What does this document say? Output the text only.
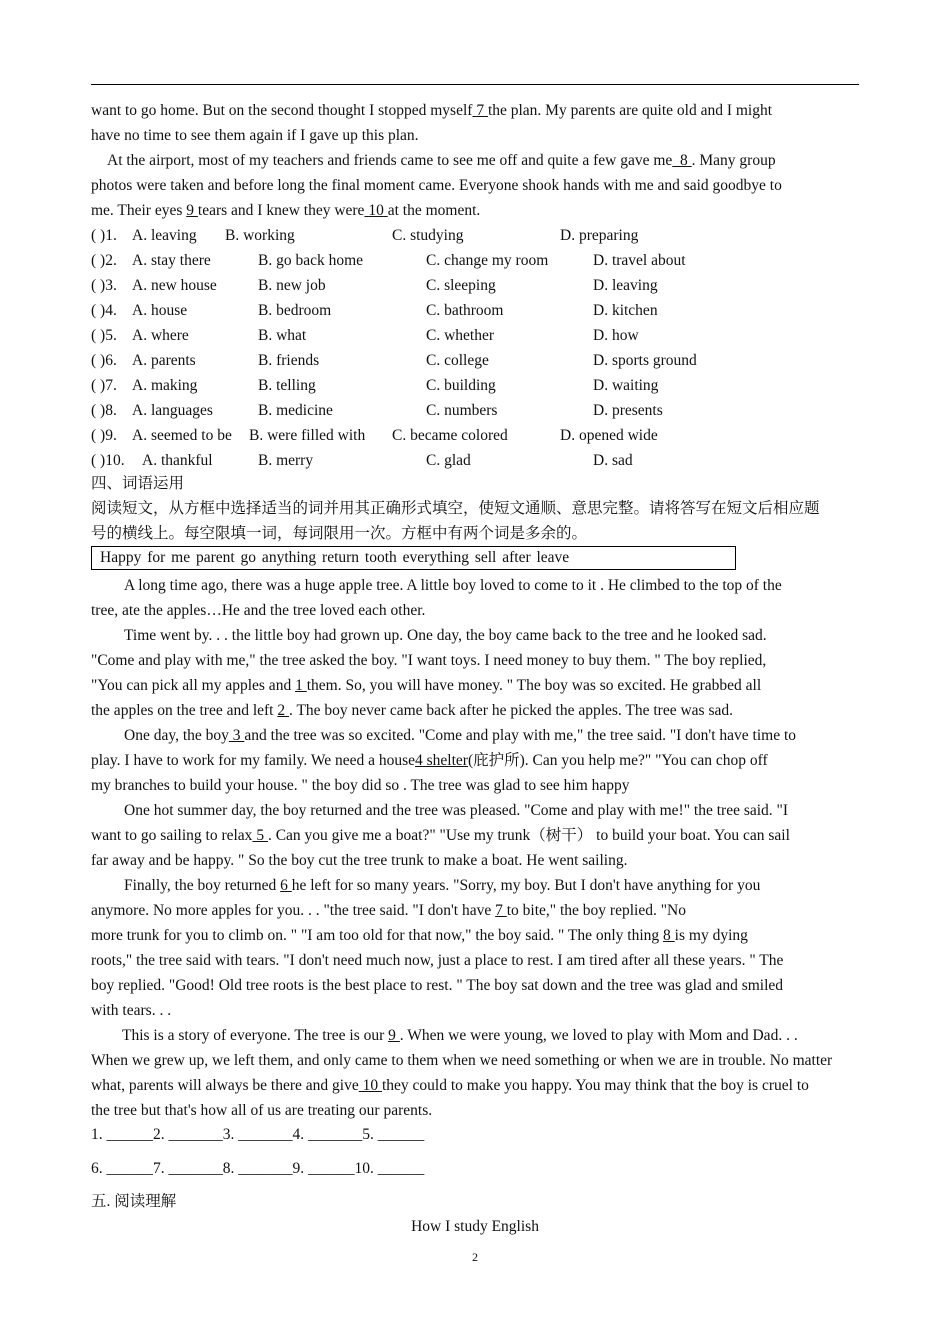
want to go home. But on the second thought I stopped myself 7 the plan. My parents are quite old and I might
have no time to see them again if I gave up this plan.
At the airport, most of my teachers and friends came to see me off and quite a few gave me 8 . Many group
photos were taken and before long the final moment came. Everyone shook hands with me and said goodbye to
me. Their eyes 9 tears and I knew they were 10 at the moment.
( )1. A. leaving B. working	C. studying	D. preparing
( )2. A. stay there	B. go back home	C. change my room	D. travel about
( )3. A. new house	B. new job	C. sleeping	D. leaving
( )4. A. house	B. bedroom	C. bathroom	D. kitchen
( )5. A. where	B. what	C. whether	D. how
( )6. A. parents	B. friends	C. college	D. sports ground
( )7. A. making	B. telling	C. building	D. waiting
( )8. A. languages	B. medicine	C. numbers	D. presents
( )9. A. seemed to be B. were filled with C. became colored	D. opened wide
( )10. A. thankful	B. merry	C. glad	D. sad
四、词语运用
阅读短文，从方框中选择适当的词并用其正确形式填空，使短文通顺、意思完整。请将答写在短文后相应题
号的横线上。每空限填一词，每词限用一次。方框中有两个词是多余的。
Happy for me parent go anything return tooth everything sell after leave
A long time ago, there was a huge apple tree. A little boy loved to come to it . He climbed to the top of the
tree, ate the apples…He and the tree loved each other.
Time went by. . . the little boy had grown up. One day, the boy came back to the tree and he looked sad.
"Come and play with me," the tree asked the boy. "I want toys. I need money to buy them. " The boy replied,
"You can pick all my apples and 1 them. So, you will have money. " The boy was so excited. He grabbed all
the apples on the tree and left 2 . The boy never came back after he picked the apples. The tree was sad.
One day, the boy 3 and the tree was so excited. "Come and play with me," the tree said. "I don't have time to
play. I have to work for my family. We need a house4 shelter(庇护所). Can you help me?" "You can chop off
my branches to build your house. " the boy did so . The tree was glad to see him happy
One hot summer day, the boy returned and the tree was pleased. "Come and play with me!" the tree said. "I
want to go sailing to relax 5 . Can you give me a boat?" "Use my trunk（树干） to build your boat. You can sail
far away and be happy. " So the boy cut the tree trunk to make a boat. He went sailing.
Finally, the boy returned 6 he left for so many years. "Sorry, my boy. But I don't have anything for you
anymore. No more apples for you. . . "the tree said. "I don't have 7 to bite," the boy replied. "No
more trunk for you to climb on. " "I am too old for that now," the boy said. " The only thing 8 is my dying
roots," the tree said with tears. "I don't need much now, just a place to rest. I am tired after all these years. " The
boy replied. "Good! Old tree roots is the best place to rest. " The boy sat down and the tree was glad and smiled
with tears. . .
This is a story of everyone. The tree is our 9 . When we were young, we loved to play with Mom and Dad. . .
When we grew up, we left them, and only came to them when we need something or when we are in trouble. No matter
what, parents will always be there and give 10 they could to make you happy. You may think that the boy is cruel to
the tree but that's how all of us are treating our parents.
1. ______2. _______3. _______4. _______5. ______
6. ______7. _______8. _______9. ______10. ______
五. 阅读理解
How I study English
2
